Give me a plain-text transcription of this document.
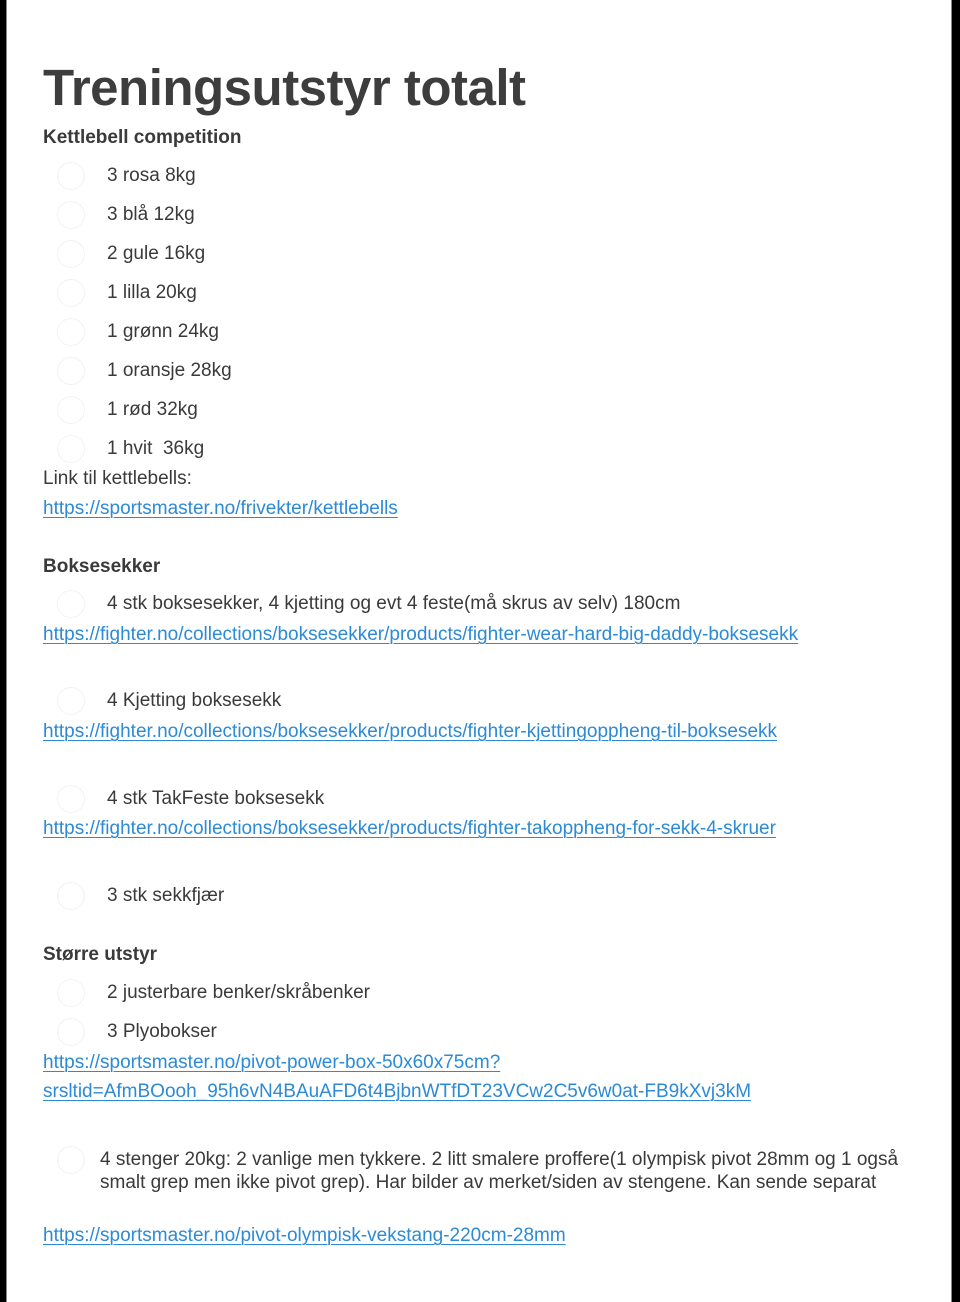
Treningsutstyr totalt
Kettlebell competition
3 rosa 8kg
3 blå 12kg
2 gule 16kg
1 lilla 20kg
1 grønn 24kg
1 oransje 28kg
1 rød 32kg
1 hvit  36kg
Link til kettlebells:
https://sportsmaster.no/frivekter/kettlebells
Boksesekker
4 stk boksesekker, 4 kjetting og evt 4 feste(må skrus av selv) 180cm
https://fighter.no/collections/boksesekker/products/fighter-wear-hard-big-daddy-boksesekk
4 Kjetting boksesekk
https://fighter.no/collections/boksesekker/products/fighter-kjettingoppheng-til-boksesekk
4 stk TakFeste boksesekk
https://fighter.no/collections/boksesekker/products/fighter-takoppheng-for-sekk-4-skruer
3 stk sekkfjær
Større utstyr
2 justerbare benker/skråbenker
3 Plyobokser
https://sportsmaster.no/pivot-power-box-50x60x75cm?
srsltid=AfmBOooh_95h6vN4BAuAFD6t4BjbnWTfDT23VCw2C5v6w0at-FB9kXvj3kM
4 stenger 20kg: 2 vanlige men tykkere. 2 litt smalere proffere(1 olympisk pivot 28mm og 1 også smalt grep men ikke pivot grep). Har bilder av merket/siden av stengene. Kan sende separat
https://sportsmaster.no/pivot-olympisk-vekstang-220cm-28mm
